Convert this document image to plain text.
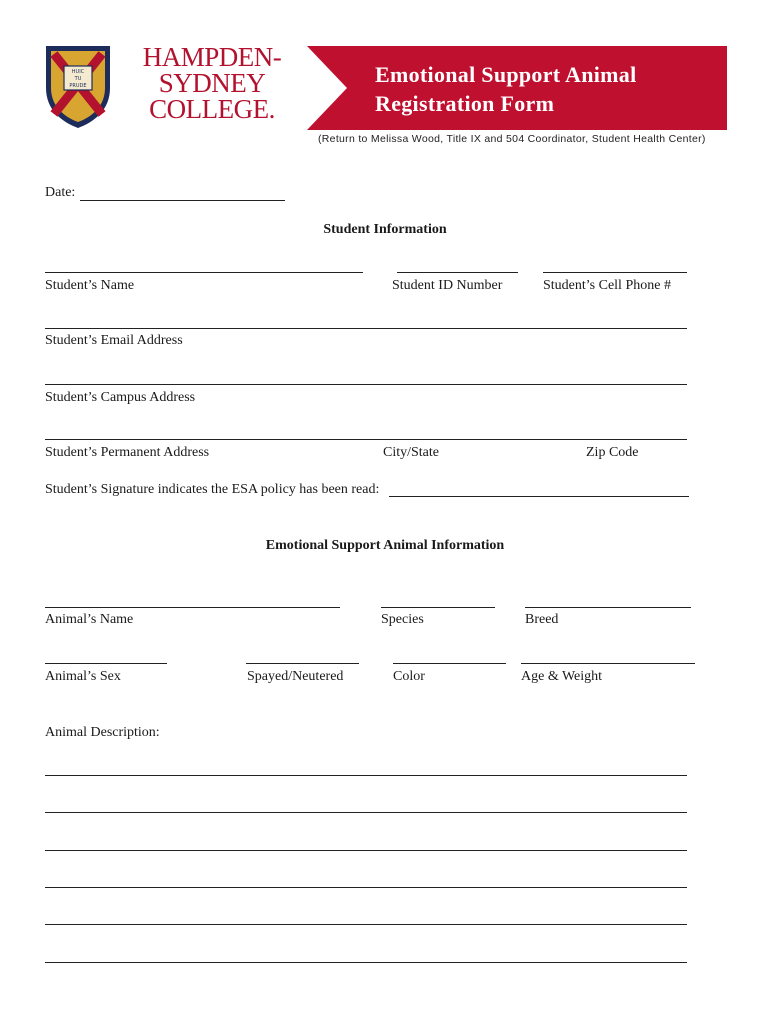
HUIC
TU
PRUDE
HAMPDEN-
SYDNEY
COLLEGE.
Emotional Support Animal
Registration Form
(Return to Melissa Wood, Title IX and 504 Coordinator, Student Health Center)
Date:
Student Information
Student’s Name	Student ID Number	Student’s Cell Phone #
Student’s Email Address
Student’s Campus Address
Student’s Permanent Address	City/State	Zip Code
Student’s Signature indicates the ESA policy has been read:
Emotional Support Animal Information
Animal’s Name	Species	Breed
Animal’s Sex	Spayed/Neutered	Color	Age & Weight
Animal Description:
